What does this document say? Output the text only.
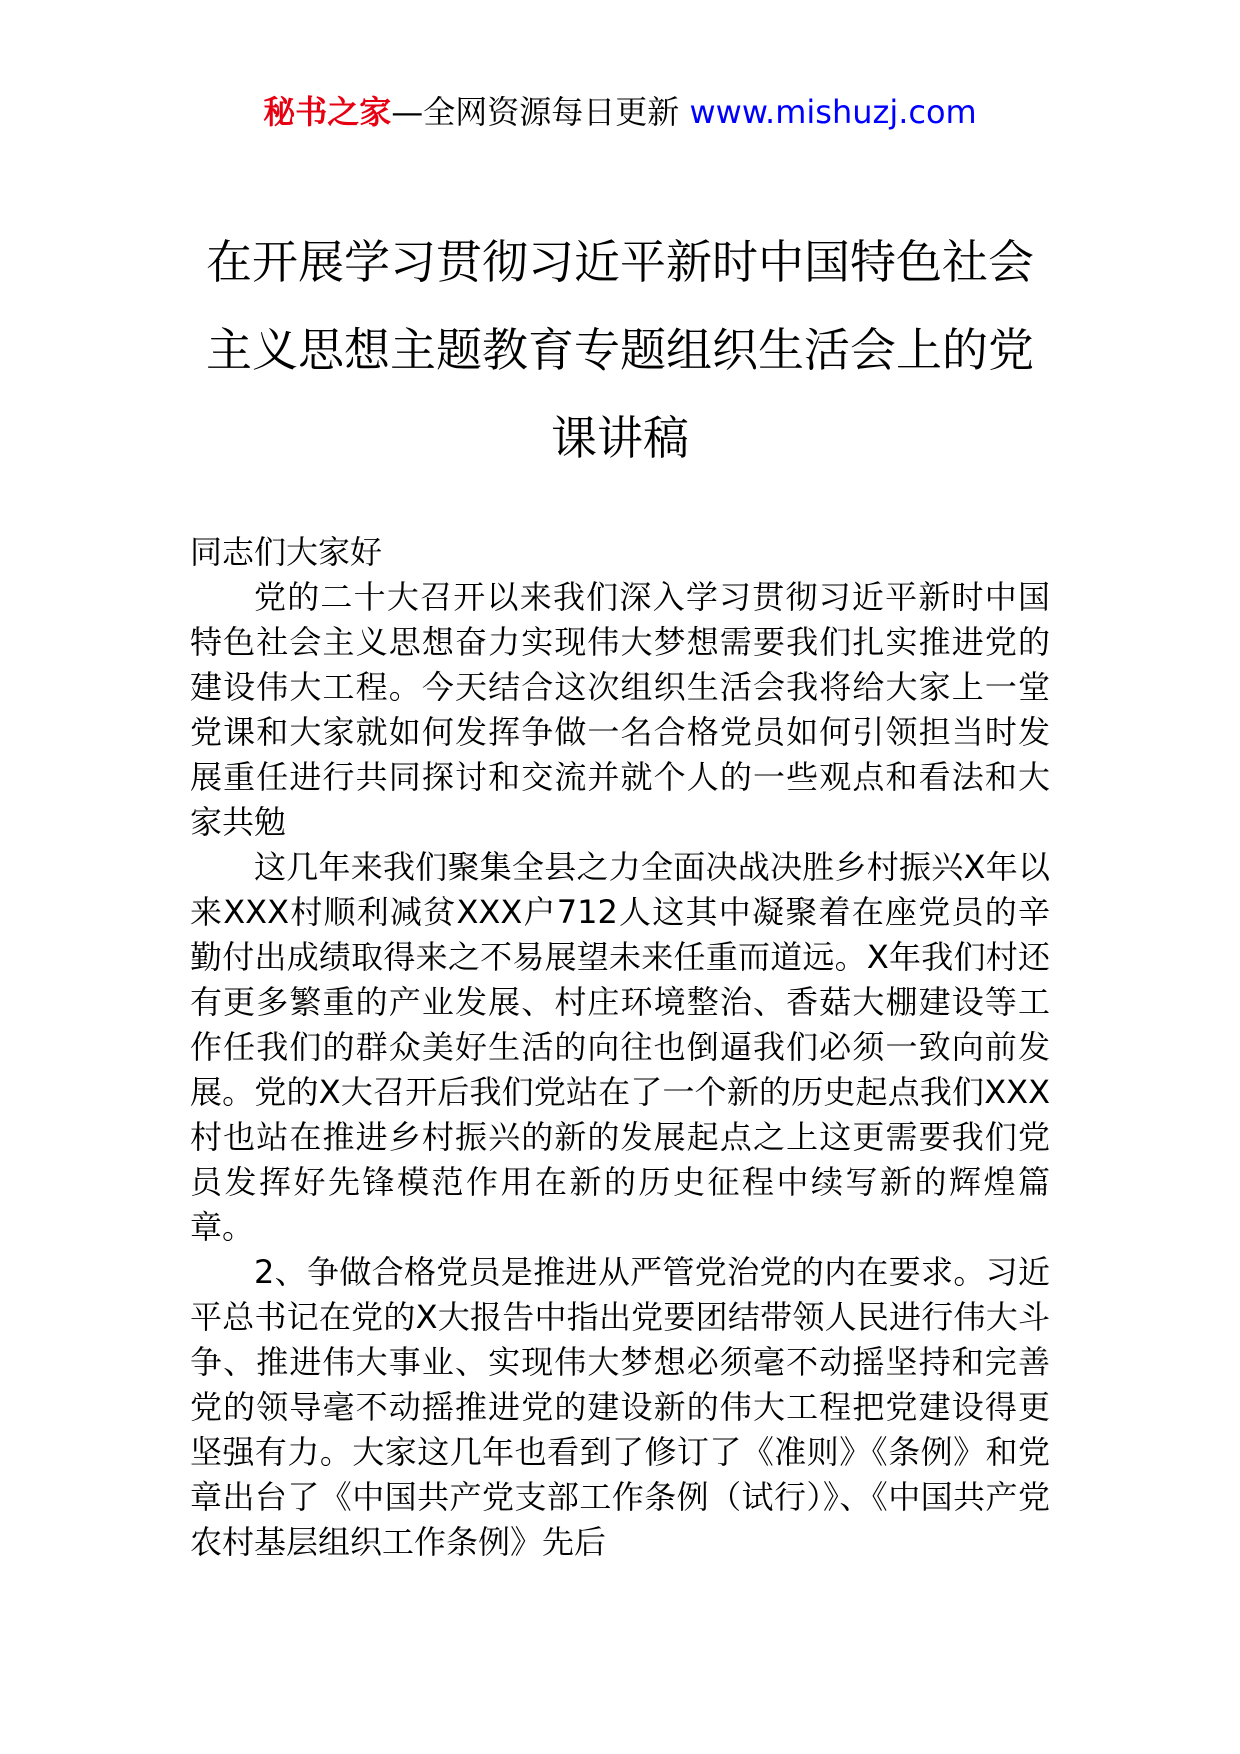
秘书之家—全网资源每日更新 www.mishuzj.com
在开展学习贯彻习近平新时中国特色社会主义思想主题教育专题组织生活会上的党课讲稿

同志们大家好

党的二十大召开以来我们深入学习贯彻习近平新时中国特色社会主义思想奋力实现伟大梦想需要我们扎实推进党的建设伟大工程。今天结合这次组织生活会我将给大家上一堂党课和大家就如何发挥争做一名合格党员如何引领担当时发展重任进行共同探讨和交流并就个人的一些观点和看法和大家共勉

这几年来我们聚集全县之力全面决战决胜乡村振兴X年以来XXX村顺利减贫XXX户712人这其中凝聚着在座党员的辛勤付出成绩取得来之不易展望未来任重而道远。X年我们村还有更多繁重的产业发展、村庄环境整治、香菇大棚建设等工作任我们的群众美好生活的向往也倒逼我们必须一致向前发展。党的X大召开后我们党站在了一个新的历史起点我们XXX村也站在推进乡村振兴的新的发展起点之上这更需要我们党员发挥好先锋模范作用在新的历史征程中续写新的辉煌篇章。

2、争做合格党员是推进从严管党治党的内在要求。习近平总书记在党的X大报告中指出党要团结带领人民进行伟大斗争、推进伟大事业、实现伟大梦想必须毫不动摇坚持和完善党的领导毫不动摇推进党的建设新的伟大工程把党建设得更坚强有力。大家这几年也看到了修订了《准则》《条例》和党章出台了《中国共产党支部工作条例（试行）》、《中国共产党农村基层组织工作条例》先后
